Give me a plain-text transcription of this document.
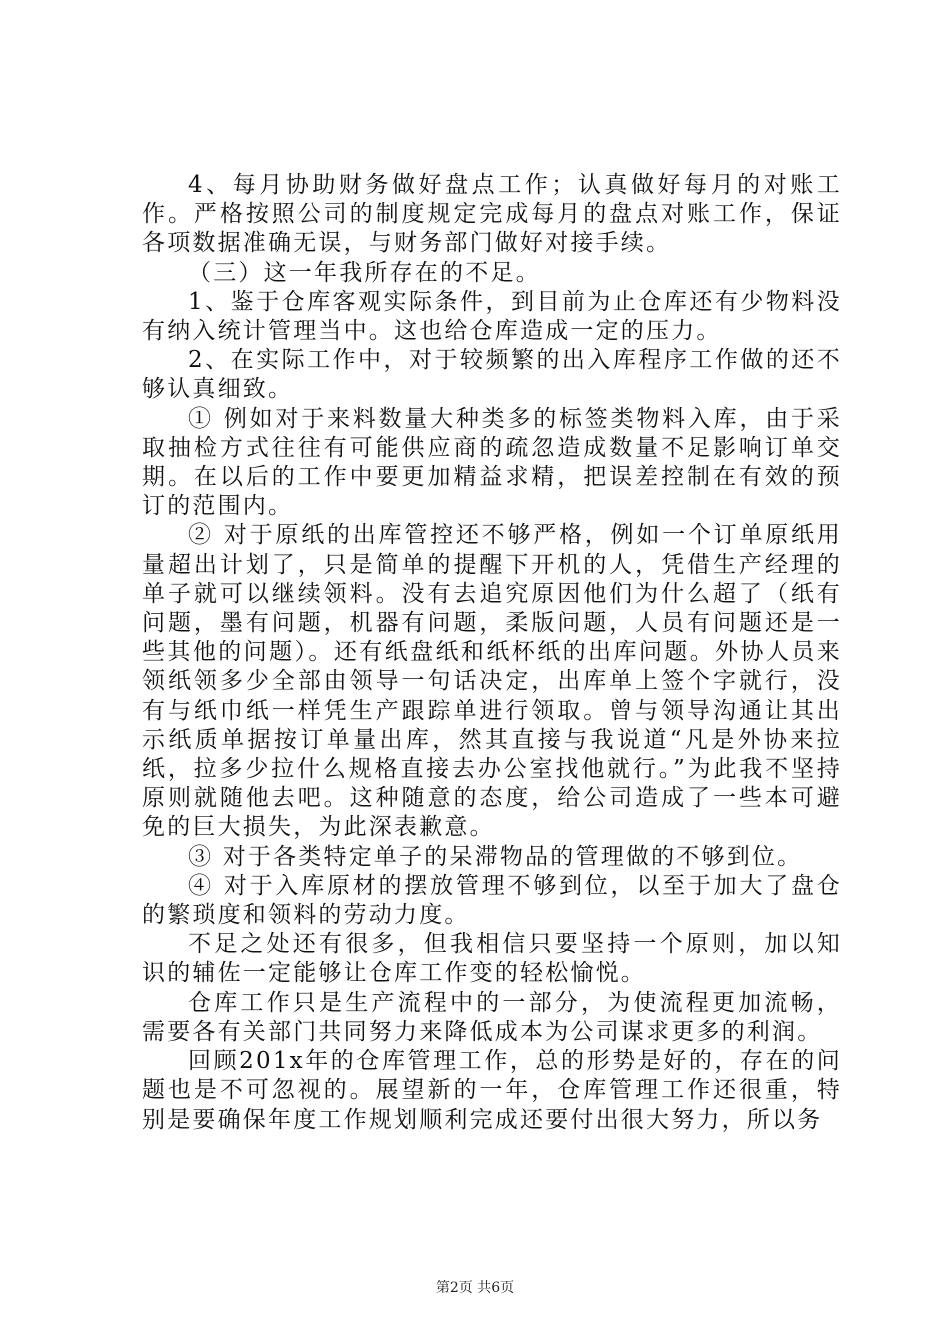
4、每月协助财务做好盘点工作；认真做好每月的对账工作。严格按照公司的制度规定完成每月的盘点对账工作，保证各项数据准确无误，与财务部门做好对接手续。

（三）这一年我所存在的不足。

1、鉴于仓库客观实际条件，到目前为止仓库还有少物料没有纳入统计管理当中。这也给仓库造成一定的压力。

2、在实际工作中，对于较频繁的出入库程序工作做的还不够认真细致。

① 例如对于来料数量大种类多的标签类物料入库，由于采取抽检方式往往有可能供应商的疏忽造成数量不足影响订单交期。在以后的工作中要更加精益求精，把误差控制在有效的预订的范围内。

② 对于原纸的出库管控还不够严格，例如一个订单原纸用量超出计划了，只是简单的提醒下开机的人，凭借生产经理的单子就可以继续领料。没有去追究原因他们为什么超了（纸有问题，墨有问题，机器有问题，柔版问题，人员有问题还是一些其他的问题）。还有纸盘纸和纸杯纸的出库问题。外协人员来领纸领多少全部由领导一句话决定，出库单上签个字就行，没有与纸巾纸一样凭生产跟踪单进行领取。曾与领导沟通让其出示纸质单据按订单量出库，然其直接与我说道“凡是外协来拉纸，拉多少拉什么规格直接去办公室找他就行。”为此我不坚持原则就随他去吧。这种随意的态度，给公司造成了一些本可避免的巨大损失，为此深表歉意。

③ 对于各类特定单子的呆滞物品的管理做的不够到位。

④ 对于入库原材的摆放管理不够到位，以至于加大了盘仓的繁琐度和领料的劳动力度。

不足之处还有很多，但我相信只要坚持一个原则，加以知识的辅佐一定能够让仓库工作变的轻松愉悦。

仓库工作只是生产流程中的一部分，为使流程更加流畅，需要各有关部门共同努力来降低成本为公司谋求更多的利润。

回顾201x年的仓库管理工作，总的形势是好的，存在的问题也是不可忽视的。展望新的一年，仓库管理工作还很重，特别是要确保年度工作规划顺利完成还要付出很大努力，所以务

第2页 共6页
